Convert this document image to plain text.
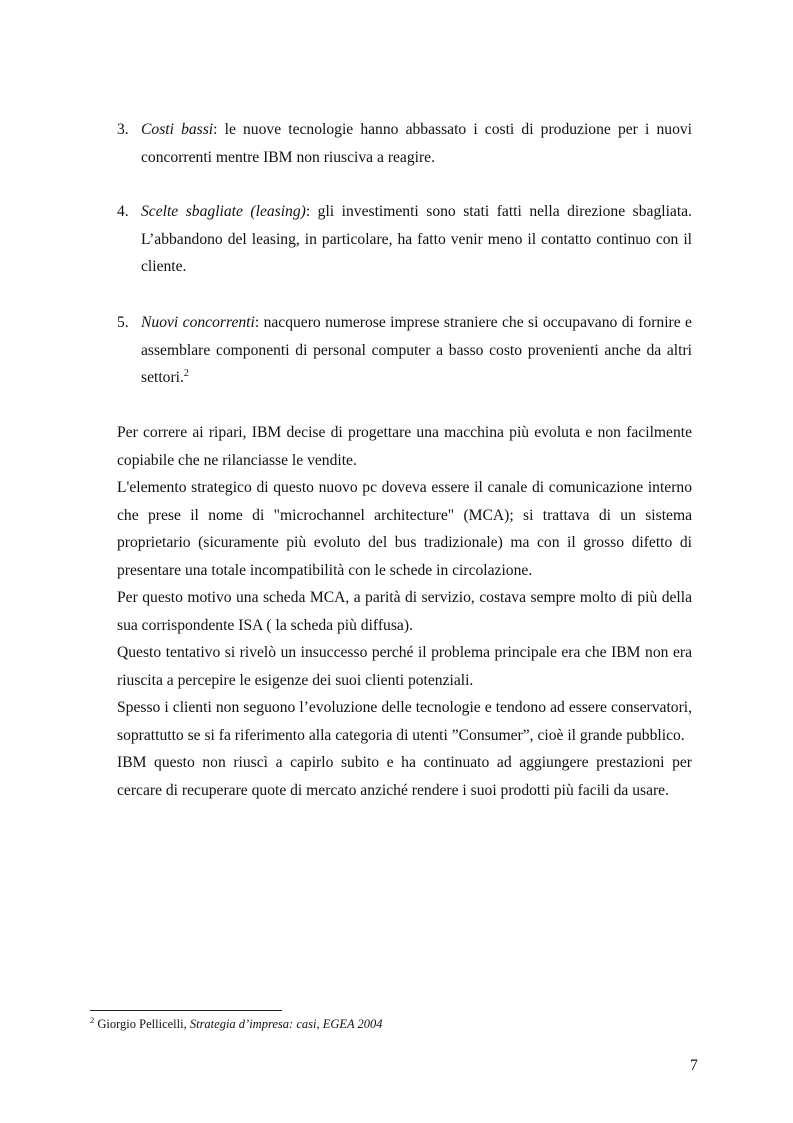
3. Costi bassi: le nuove tecnologie hanno abbassato i costi di produzione per i nuovi concorrenti mentre IBM non riusciva a reagire.
4. Scelte sbagliate (leasing): gli investimenti sono stati fatti nella direzione sbagliata. L’abbandono del leasing, in particolare, ha fatto venir meno il contatto continuo con il cliente.
5. Nuovi concorrenti: nacquero numerose imprese straniere che si occupavano di fornire e assemblare componenti di personal computer a basso costo provenienti anche da altri settori.$^2$

Per correre ai ripari, IBM decise di progettare una macchina più evoluta e non facilmente copiabile che ne rilanciasse le vendite.

L'elemento strategico di questo nuovo pc doveva essere il canale di comunicazione interno che prese il nome di "microchannel architecture" (MCA); si trattava di un sistema proprietario (sicuramente più evoluto del bus tradizionale) ma con il grosso difetto di presentare una totale incompatibilità con le schede in circolazione.

Per questo motivo una scheda MCA, a parità di servizio, costava sempre molto di più della sua corrispondente ISA ( la scheda più diffusa).

Questo tentativo si rivelò un insuccesso perché il problema principale era che IBM non era riuscita a percepire le esigenze dei suoi clienti potenziali.

Spesso i clienti non seguono l’evoluzione delle tecnologie e tendono ad essere conservatori, soprattutto se si fa riferimento alla categoria di utenti ”Consumer”, cioè il grande pubblico.

IBM questo non riuscì a capirlo subito e ha continuato ad aggiungere prestazioni per cercare di recuperare quote di mercato anziché rendere i suoi prodotti più facili da usare.

$^2$ Giorgio Pellicelli, Strategia d’impresa: casi, EGEA 2004
7
